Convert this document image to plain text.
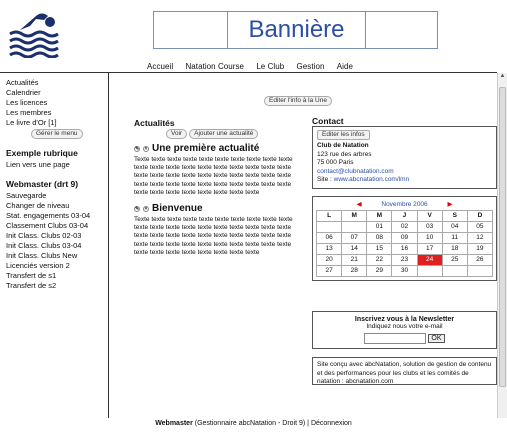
Bannière
Accueil Natation Course Le Club Gestion Aide
Actualités
Calendrier
Les licences
Les membres
Le livre d'Or [1]
Gérer le menu
Exemple rubrique
Lien vers une page
Webmaster (drt 9)
Sauvegarde
Changer de niveau
Stat. engagements 03-04
Classement Clubs 03-04
Init Class. Clubs 02-03
Init Class. Clubs 03-04
Init Class. Clubs New
Licenciés version 2
Transfert de s1
Transfert de s2
Editer l'info à la Une
Actualités
Voir Ajouter une actualité
✎	× Une première actualité
Texte texte texte texte texte texte texte texte texte texte texte texte texte texte texte texte texte texte texte texte
texte texte texte texte texte texte texte texte texte texte texte texte texte texte texte texte texte texte texte texte texte texte texte texte texte texte texte texte
✎	× Bienvenue
Texte texte texte texte texte texte texte texte texte texte texte texte texte texte texte texte texte texte texte texte
texte texte texte texte texte texte texte texte texte texte texte texte texte texte texte texte texte texte texte texte texte texte texte texte texte texte texte texte
Contact
Editer les infos
Club de Natation
123 rue des arbres
75 000 Paris
contact@clubnatation.com
Site : www.abcnatation.com/lmn
◀	Novembre 2006	▶
L	M	M	J	V	S	D
		01	02	03	04	05
06	07	08	09	10	11	12
13	14	15	16	17	18	19
20	21	22	23	24	25	26
27	28	29	30			
Inscrivez vous à la Newsletter
Indiquez nous votre e-mail
OK
Site conçu avec abcNatation, solution de gestion de contenu et des performances pour les clubs et les comités de natation : abcnatation.com
▲
Webmaster (Gestionnaire abcNatation - Droit 9) | Déconnexion
